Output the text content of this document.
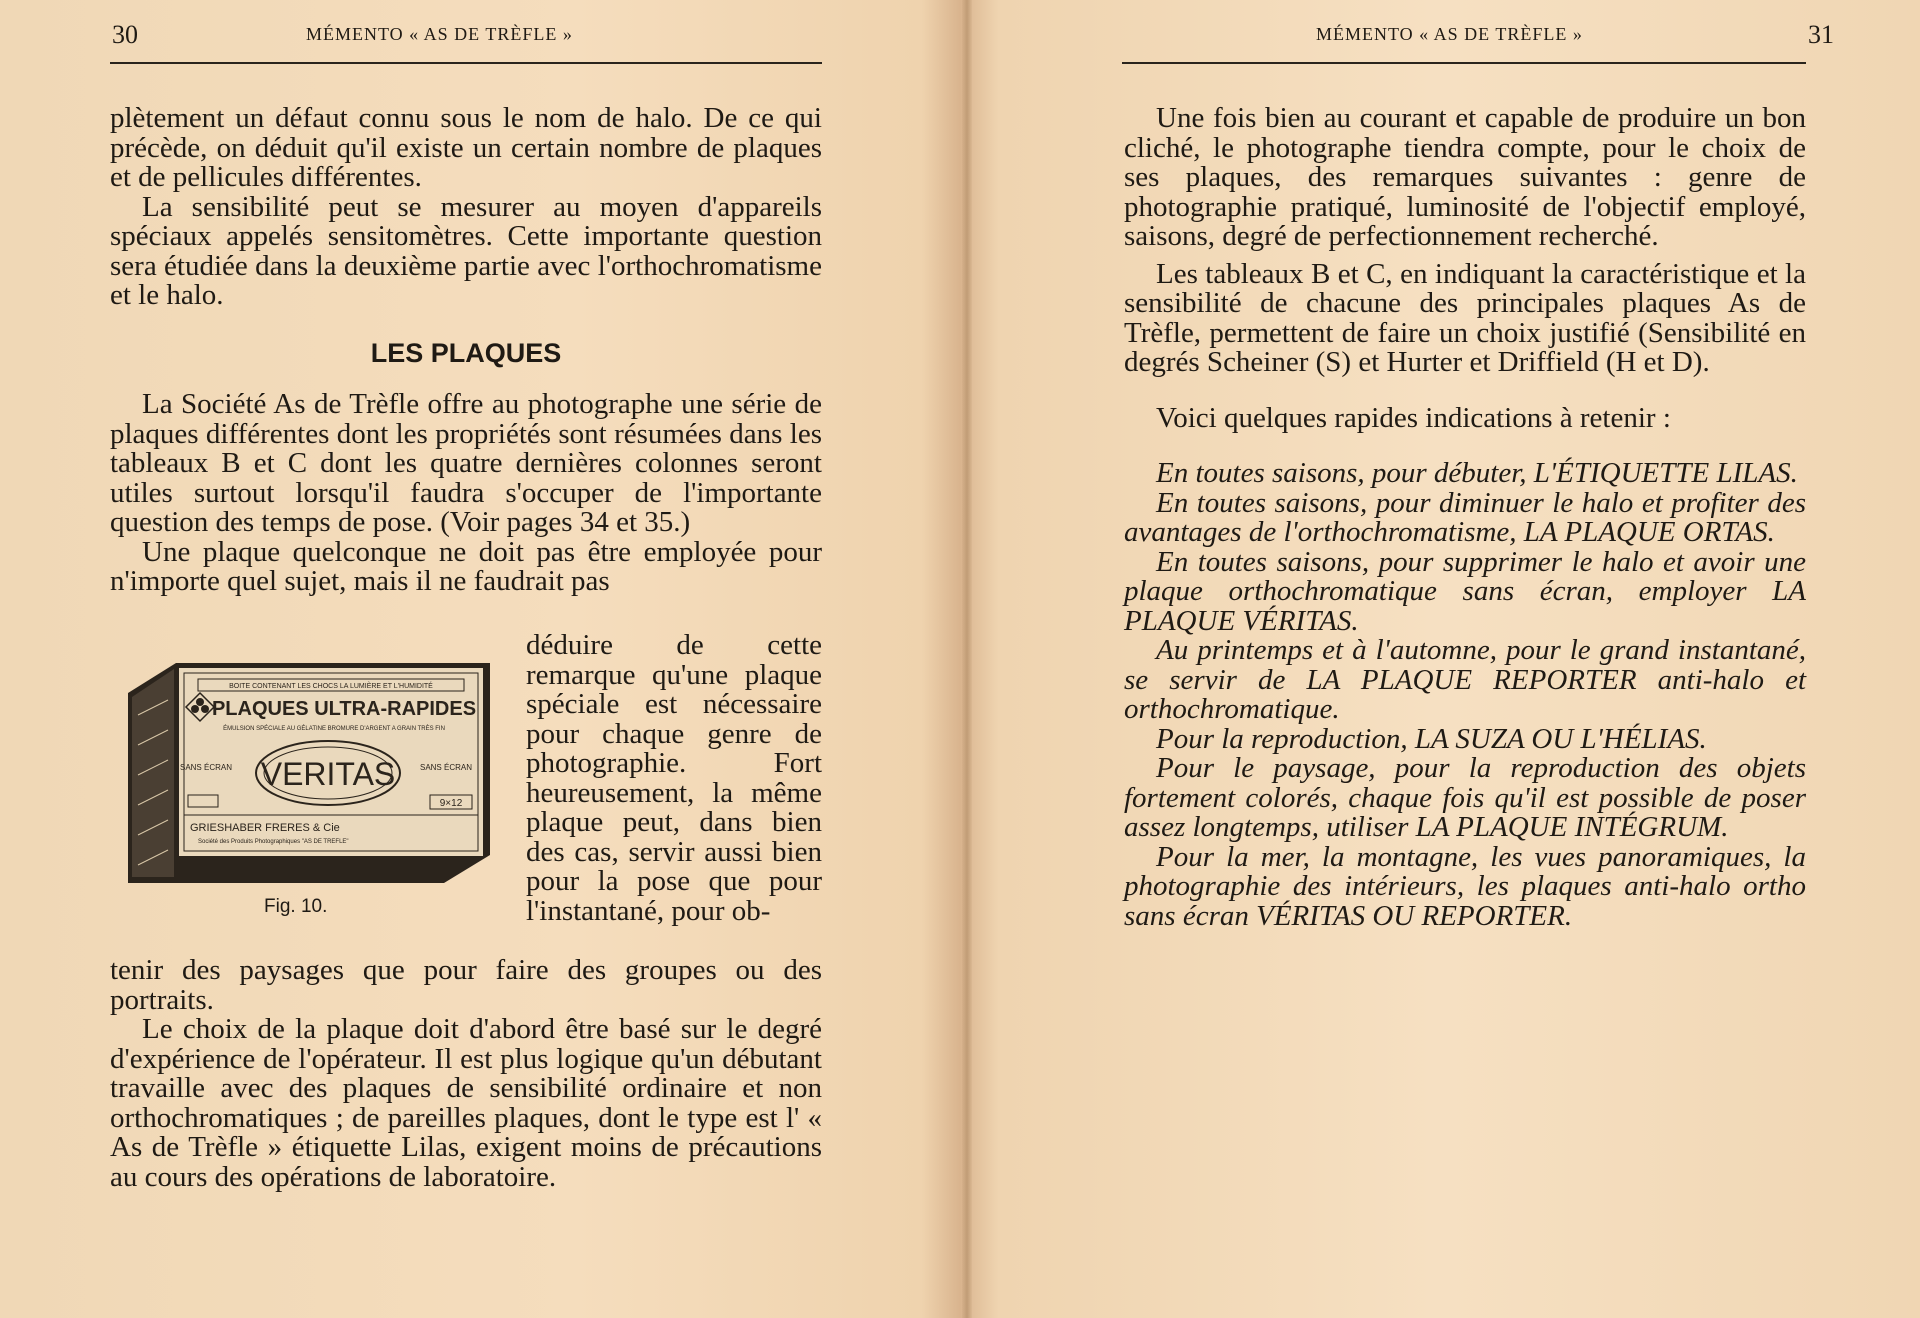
30	MÉMENTO « AS DE TRÈFLE »

plètement un défaut connu sous le nom de halo. De ce qui précède, on déduit qu'il existe un certain nombre de plaques et de pellicules différentes.

La sensibilité peut se mesurer au moyen d'appareils spéciaux appelés sensitomètres. Cette importante question sera étudiée dans la deuxième partie avec l'orthochromatisme et le halo.

LES PLAQUES

La Société As de Trèfle offre au photographe une série de plaques différentes dont les propriétés sont résumées dans les tableaux B et C dont les quatre dernières colonnes seront utiles surtout lorsqu'il faudra s'occuper de l'importante question des temps de pose. (Voir pages 34 et 35.)

Une plaque quelconque ne doit pas être employée pour n'importe quel sujet, mais il ne faudrait pas

déduire de cette remarque qu'une plaque spéciale est nécessaire pour chaque genre de photographie. Fort heureusement, la même plaque peut, dans bien des cas, servir aussi bien pour la pose que pour l'instantané, pour ob-

tenir des paysages que pour faire des groupes ou des portraits.

Le choix de la plaque doit d'abord être basé sur le degré d'expérience de l'opérateur. Il est plus logique qu'un débutant travaille avec des plaques de sensibilité ordinaire et non orthochromatiques ; de pareilles plaques, dont le type est l' « As de Trèfle » étiquette Lilas, exigent moins de précautions au cours des opérations de laboratoire.

BOITE CONTENANT LES CHOCS LA LUMIÈRE ET L'HUMIDITÉ
PLAQUES ULTRA-RAPIDES
ÉMULSION SPÉCIALE AU GÉLATINE BROMURE D'ARGENT A GRAIN TRÈS FIN
SANS ÉCRAN	SANS ÉCRAN
VERITAS
9×12
GRIESHABER FRERES & Cie
Société des Produits Photographiques "AS DE TREFLE"
Fig. 10.
MÉMENTO « AS DE TRÈFLE »	31

Une fois bien au courant et capable de produire un bon cliché, le photographe tiendra compte, pour le choix de ses plaques, des remarques suivantes : genre de photographie pratiqué, luminosité de l'objectif employé, saisons, degré de perfectionnement recherché.

Les tableaux B et C, en indiquant la caractéristique et la sensibilité de chacune des principales plaques As de Trèfle, permettent de faire un choix justifié (Sensibilité en degrés Scheiner (S) et Hurter et Driffield (H et D).

Voici quelques rapides indications à retenir :

En toutes saisons, pour débuter, L'ÉTIQUETTE LILAS.

En toutes saisons, pour diminuer le halo et profiter des avantages de l'orthochromatisme, LA PLAQUE ORTAS.

En toutes saisons, pour supprimer le halo et avoir une plaque orthochromatique sans écran, employer LA PLAQUE VÉRITAS.

Au printemps et à l'automne, pour le grand instantané, se servir de LA PLAQUE REPORTER anti-halo et orthochromatique.

Pour la reproduction, LA SUZA OU L'HÉLIAS.

Pour le paysage, pour la reproduction des objets fortement colorés, chaque fois qu'il est possible de poser assez longtemps, utiliser LA PLAQUE INTÉGRUM.

Pour la mer, la montagne, les vues panoramiques, la photographie des intérieurs, les plaques anti-halo ortho sans écran VÉRITAS OU REPORTER.
